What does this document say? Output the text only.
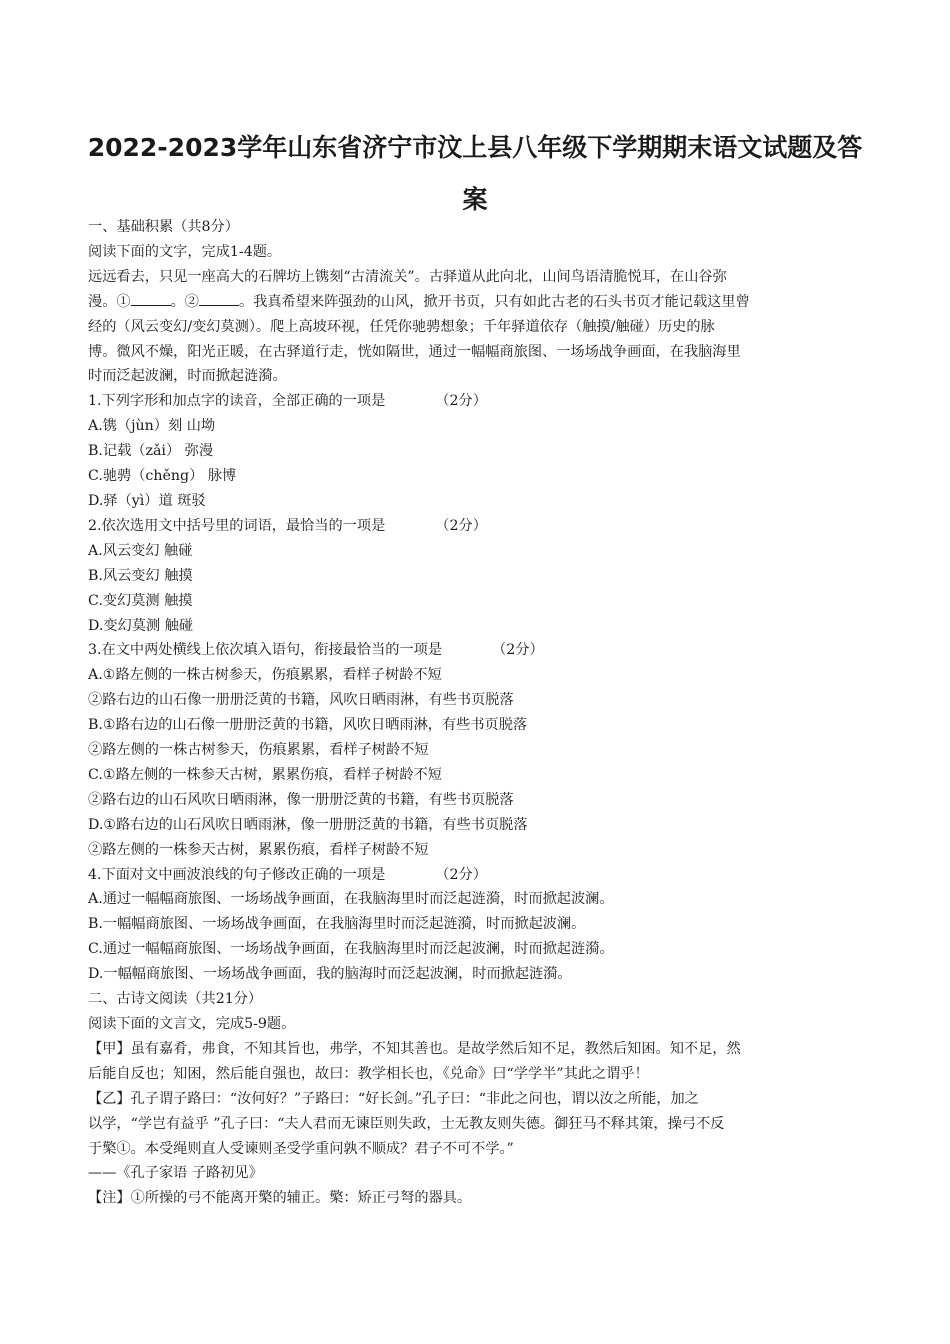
2022-2023学年山东省济宁市汶上县八年级下学期期末语文试题及答
案
一、基础积累（共8分）
阅读下面的文字，完成1-4题。
远远看去，只见一座高大的石牌坊上镌刻“古清流关”。古驿道从此向北，山间鸟语清脆悦耳，在山谷弥
漫。①	。②	。我真希望来阵强劲的山风，掀开书页，只有如此古老的石头书页才能记载这里曾
经的（风云变幻/变幻莫测）。爬上高坡环视，任凭你驰骋想象；千年驿道依存（触摸/触碰）历史的脉
博。微风不燥，阳光正暖，在古驿道行走，恍如隔世，通过一幅幅商旅图、一场场战争画面，在我脑海里
时而泛起波澜，时而掀起涟漪。
1.下列字形和加点字的读音，全部正确的一项是	（2分）
A.镌（jùn）刻 山坳
B.记载（zǎi） 弥漫
C.驰骋（chěng） 脉博
D.驿（yì）道 斑驳
2.依次选用文中括号里的词语，最恰当的一项是	（2分）
A.风云变幻 触碰
B.风云变幻 触摸
C.变幻莫测 触摸
D.变幻莫测 触碰
3.在文中两处横线上依次填入语句，衔接最恰当的一项是	（2分）
A.①路左侧的一株古树参天，伤痕累累，看样子树龄不短
②路右边的山石像一册册泛黄的书籍，风吹日晒雨淋，有些书页脱落
B.①路右边的山石像一册册泛黄的书籍，风吹日晒雨淋，有些书页脱落
②路左侧的一株古树参天，伤痕累累，看样子树龄不短
C.①路左侧的一株参天古树，累累伤痕，看样子树龄不短
②路右边的山石风吹日晒雨淋，像一册册泛黄的书籍，有些书页脱落
D.①路右边的山石风吹日晒雨淋，像一册册泛黄的书籍，有些书页脱落
②路左侧的一株参天古树，累累伤痕，看样子树龄不短
4.下面对文中画波浪线的句子修改正确的一项是	（2分）
A.通过一幅幅商旅图、一场场战争画面，在我脑海里时而泛起涟漪，时而掀起波澜。
B.一幅幅商旅图、一场场战争画面，在我脑海里时而泛起涟漪，时而掀起波澜。
C.通过一幅幅商旅图、一场场战争画面，在我脑海里时而泛起波澜，时而掀起涟漪。
D.一幅幅商旅图、一场场战争画面，我的脑海时而泛起波澜，时而掀起涟漪。
二、古诗文阅读（共21分）
阅读下面的文言文，完成5-9题。
【甲】虽有嘉肴，弗食，不知其旨也，弗学，不知其善也。是故学然后知不足，教然后知困。知不足，然
后能自反也；知困，然后能自强也，故曰：教学相长也，《兑命》曰“学学半”其此之谓乎！
【乙】孔子谓子路曰：“汝何好？”子路曰：“好长剑。”孔子曰：“非此之问也，谓以汝之所能，加之
以学，“学岂有益乎 ”孔子曰：“夫人君而无谏臣则失政，士无教友则失德。御狂马不释其策，操弓不反
于檠①。本受绳则直人受谏则圣受学重问孰不顺成？君子不可不学。”
——《孔子家语 子路初见》
【注】①所操的弓不能离开檠的辅正。檠：矫正弓弩的器具。
